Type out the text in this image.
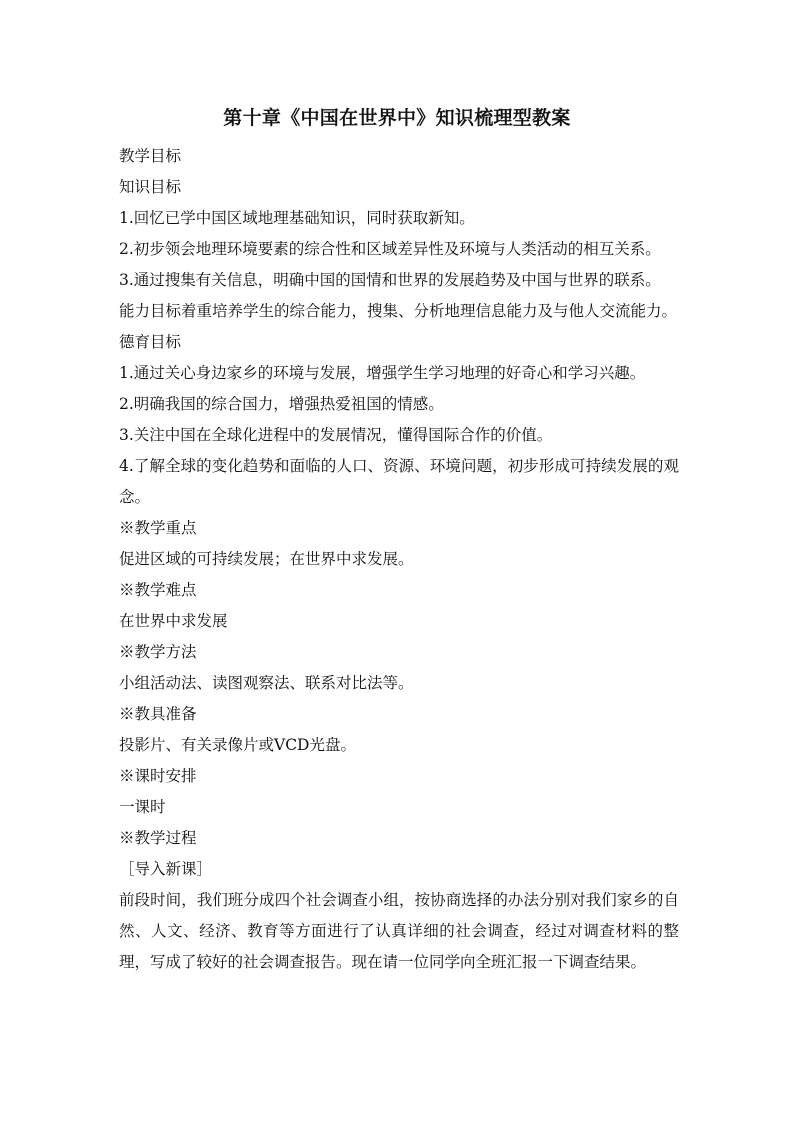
第十章《中国在世界中》知识梳理型教案
教学目标
知识目标
1.回忆已学中国区域地理基础知识，同时获取新知。
2.初步领会地理环境要素的综合性和区域差异性及环境与人类活动的相互关系。
3.通过搜集有关信息，明确中国的国情和世界的发展趋势及中国与世界的联系。
能力目标着重培养学生的综合能力，搜集、分析地理信息能力及与他人交流能力。
德育目标
1.通过关心身边家乡的环境与发展，增强学生学习地理的好奇心和学习兴趣。
2.明确我国的综合国力，增强热爱祖国的情感。
3.关注中国在全球化进程中的发展情况，懂得国际合作的价值。
4.了解全球的变化趋势和面临的人口、资源、环境问题，初步形成可持续发展的观念。
※教学重点
促进区域的可持续发展；在世界中求发展。
※教学难点
在世界中求发展
※教学方法
小组活动法、读图观察法、联系对比法等。
※教具准备
投影片、有关录像片或VCD光盘。
※课时安排
一课时
※教学过程
［导入新课］
前段时间，我们班分成四个社会调查小组，按协商选择的办法分别对我们家乡的自然、人文、经济、教育等方面进行了认真详细的社会调查，经过对调查材料的整理，写成了较好的社会调查报告。现在请一位同学向全班汇报一下调查结果。
